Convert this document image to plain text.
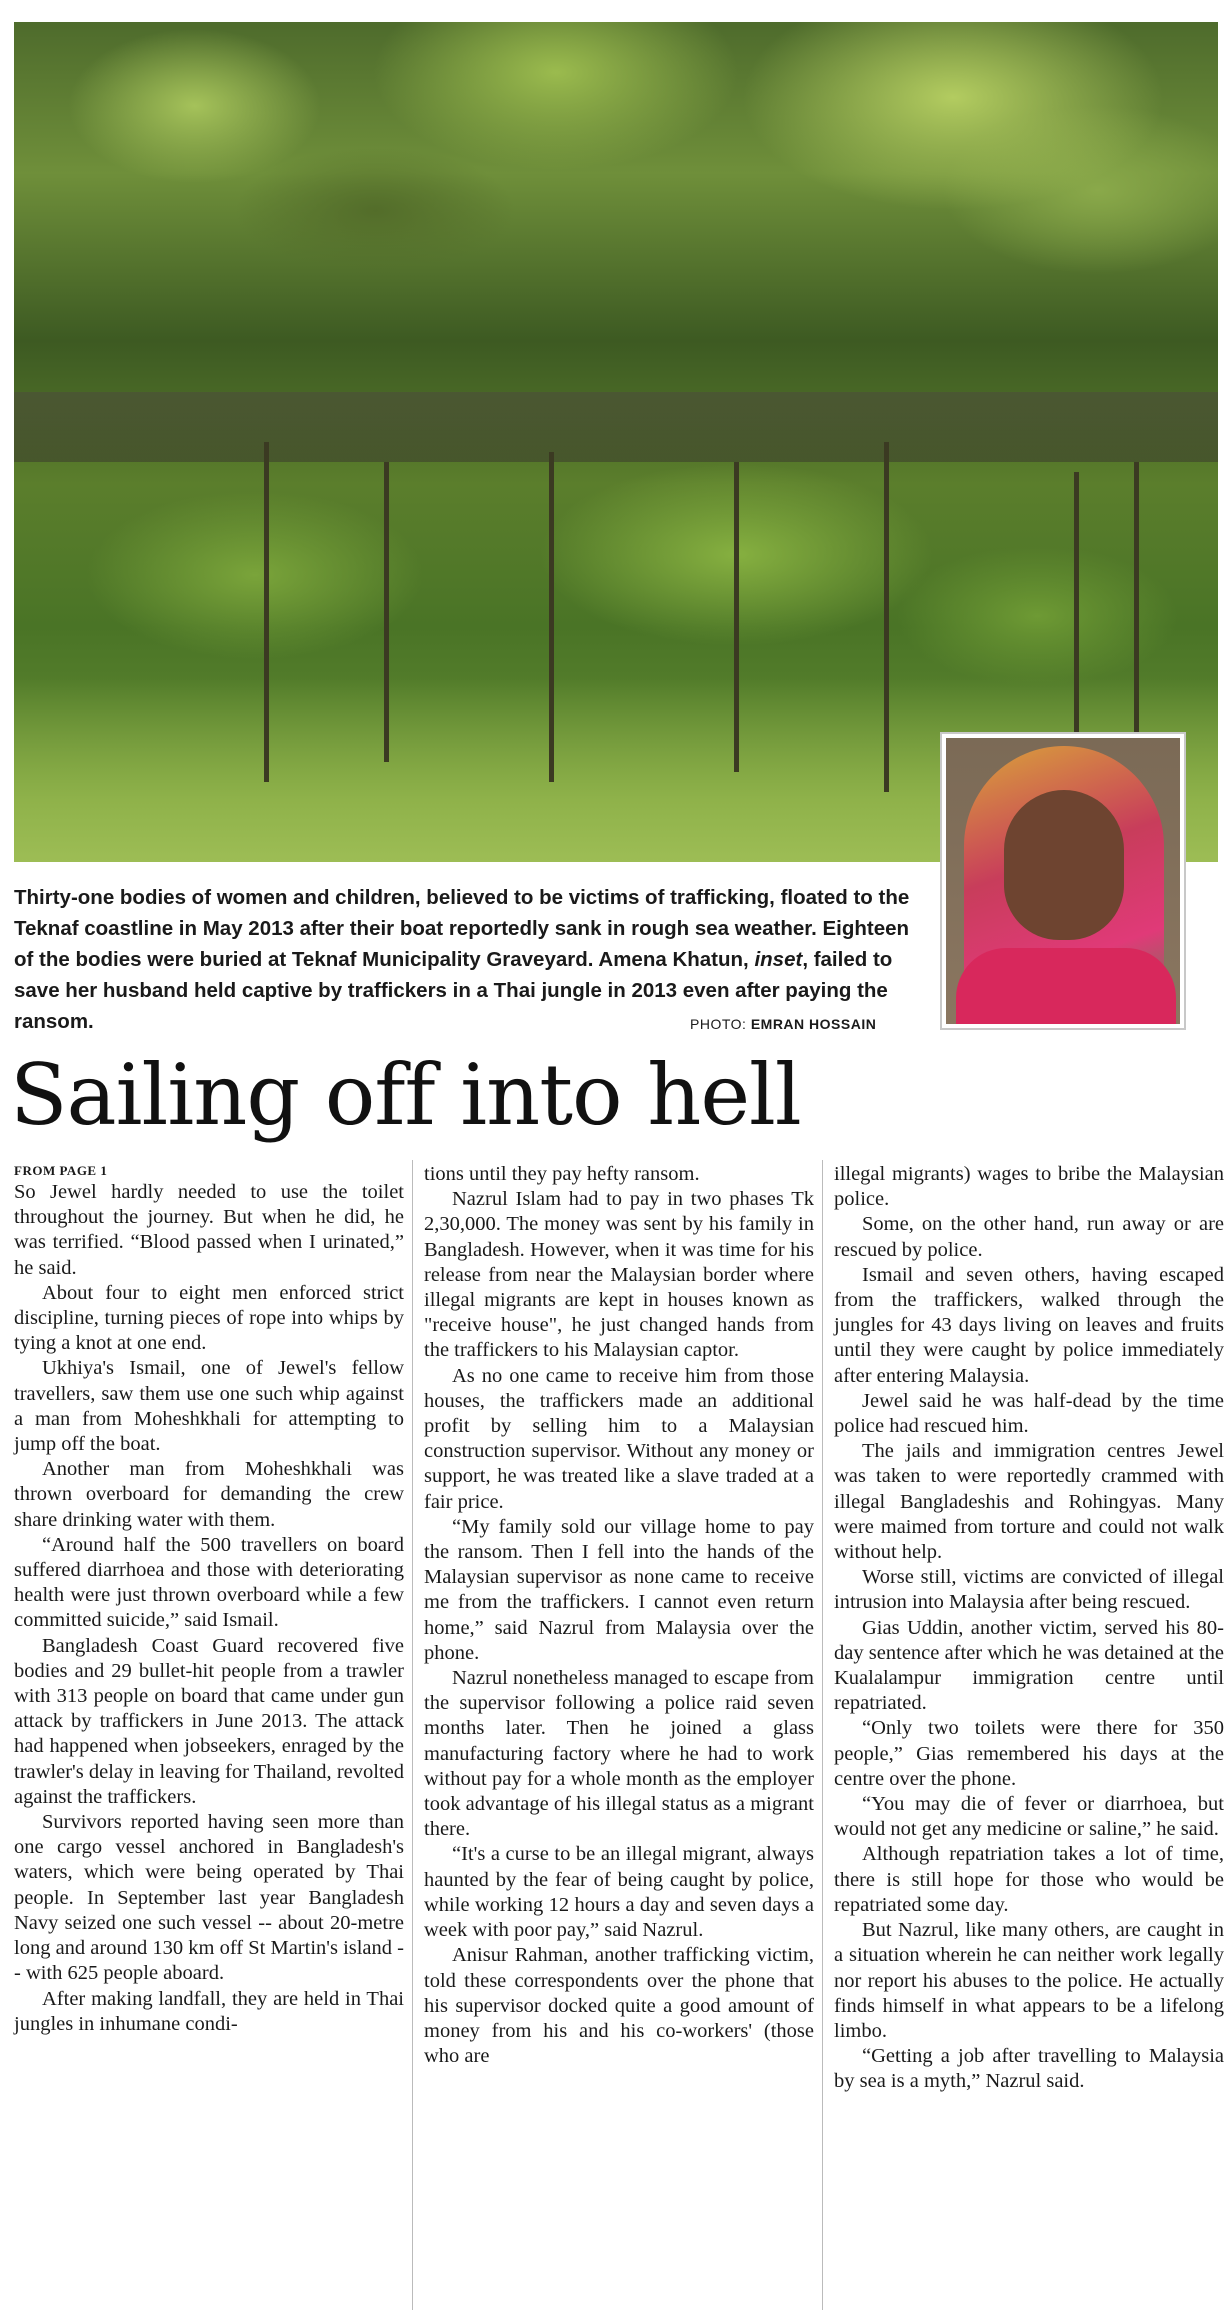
Thirty-one bodies of women and children, believed to be victims of trafficking, floated to the Teknaf coastline in May 2013 after their boat reportedly sank in rough sea weather. Eighteen of the bodies were buried at Teknaf Municipality Graveyard. Amena Khatun, inset, failed to save her husband held captive by traffickers in a Thai jungle in 2013 even after paying the ransom.	PHOTO: EMRAN HOSSAIN
Sailing off into hell

FROM PAGE 1

So Jewel hardly needed to use the toilet throughout the journey. But when he did, he was terrified. “Blood passed when I urinated,” he said.

About four to eight men enforced strict discipline, turning pieces of rope into whips by tying a knot at one end.

Ukhiya's Ismail, one of Jewel's fellow travellers, saw them use one such whip against a man from Moheshkhali for attempting to jump off the boat.

Another man from Moheshkhali was thrown overboard for demanding the crew share drinking water with them.

“Around half the 500 travellers on board suffered diarrhoea and those with deteriorating health were just thrown overboard while a few committed suicide,” said Ismail.

Bangladesh Coast Guard recovered five bodies and 29 bullet-hit people from a trawler with 313 people on board that came under gun attack by traffickers in June 2013. The attack had happened when jobseekers, enraged by the trawler's delay in leaving for Thailand, revolted against the traffickers.

Survivors reported having seen more than one cargo vessel anchored in Bangladesh's waters, which were being operated by Thai people. In September last year Bangladesh Navy seized one such vessel -- about 20-metre long and around 130 km off St Martin's island -- with 625 people aboard.

After making landfall, they are held in Thai jungles in inhumane condi-

tions until they pay hefty ransom.

Nazrul Islam had to pay in two phases Tk 2,30,000. The money was sent by his family in Bangladesh. However, when it was time for his release from near the Malaysian border where illegal migrants are kept in houses known as "receive house", he just changed hands from the traffickers to his Malaysian captor.

As no one came to receive him from those houses, the traffickers made an additional profit by selling him to a Malaysian construction supervisor. Without any money or support, he was treated like a slave traded at a fair price.

“My family sold our village home to pay the ransom. Then I fell into the hands of the Malaysian supervisor as none came to receive me from the traffickers. I cannot even return home,” said Nazrul from Malaysia over the phone.

Nazrul nonetheless managed to escape from the supervisor following a police raid seven months later. Then he joined a glass manufacturing factory where he had to work without pay for a whole month as the employer took advantage of his illegal status as a migrant there.

“It's a curse to be an illegal migrant, always haunted by the fear of being caught by police, while working 12 hours a day and seven days a week with poor pay,” said Nazrul.

Anisur Rahman, another trafficking victim, told these correspondents over the phone that his supervisor docked quite a good amount of money from his and his co-workers' (those who are

illegal migrants) wages to bribe the Malaysian police.

Some, on the other hand, run away or are rescued by police.

Ismail and seven others, having escaped from the traffickers, walked through the jungles for 43 days living on leaves and fruits until they were caught by police immediately after entering Malaysia.

Jewel said he was half-dead by the time police had rescued him.

The jails and immigration centres Jewel was taken to were reportedly crammed with illegal Bangladeshis and Rohingyas. Many were maimed from torture and could not walk without help.

Worse still, victims are convicted of illegal intrusion into Malaysia after being rescued.

Gias Uddin, another victim, served his 80-day sentence after which he was detained at the Kualalampur immigration centre until repatriated.

“Only two toilets were there for 350 people,” Gias remembered his days at the centre over the phone.

“You may die of fever or diarrhoea, but would not get any medicine or saline,” he said.

Although repatriation takes a lot of time, there is still hope for those who would be repatriated some day.

But Nazrul, like many others, are caught in a situation wherein he can neither work legally nor report his abuses to the police. He actually finds himself in what appears to be a lifelong limbo.

“Getting a job after travelling to Malaysia by sea is a myth,” Nazrul said.
